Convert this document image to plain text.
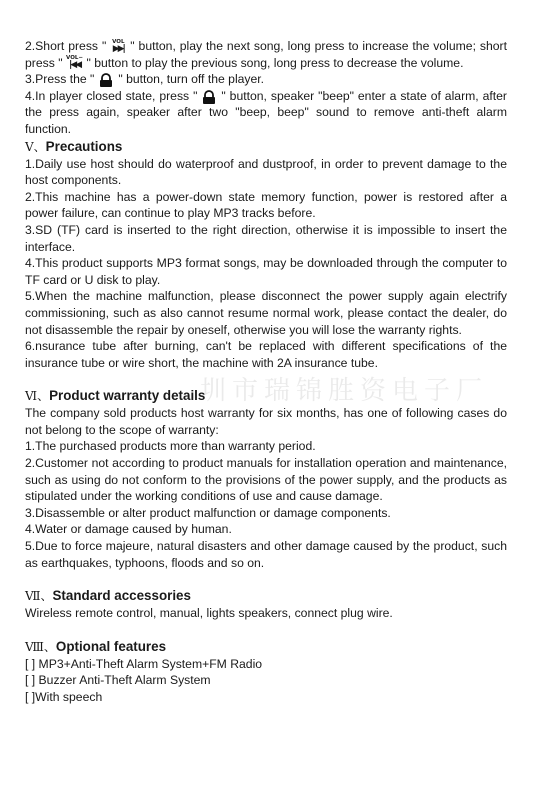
圳市瑞锦胜资电子厂

2.Short press "	VOL
▶▶| " button, play the next song, long press to increase the volume; short press " VOL−
|◀◀ " button to play the previous song, long press to decrease the volume.

3.Press the " " button, turn off the player.

4.In player closed state, press " " button, speaker "beep" enter a state of alarm, after the press again, speaker after two "beep, beep" sound to remove anti-theft alarm function.

Ⅴ、Precautions

1.Daily use host should do waterproof and dustproof, in order to prevent damage to the host components.

2.This machine has a power-down state memory function, power is restored after a power failure, can continue to play MP3 tracks before.

3.SD (TF) card is inserted to the right direction, otherwise it is impossible to insert the interface.

4.This product supports MP3 format songs, may be downloaded through the computer to TF card or U disk to play.

5.When the machine malfunction, please disconnect the power supply again electrify commissioning, such as also cannot resume normal work, please contact the dealer, do not disassemble the repair by oneself, otherwise you will lose the warranty rights.

6.nsurance tube after burning, can't be replaced with different specifications of the insurance tube or wire short, the machine with 2A insurance tube.

Ⅵ、Product warranty details

The company sold products host warranty for six months, has one of following cases do not belong to the scope of warranty:

1.The purchased products more than warranty period.

2.Customer not according to product manuals for installation operation and maintenance, such as using do not conform to the provisions of the power supply, and the products as stipulated under the working conditions of use and cause damage.

3.Disassemble or alter product malfunction or damage components.

4.Water or damage caused by human.

5.Due to force majeure, natural disasters and other damage caused by the product, such as earthquakes, typhoons, floods and so on.

Ⅶ、Standard accessories

Wireless remote control, manual, lights speakers, connect plug wire.

Ⅷ、Optional features
[ ] MP3+Anti-Theft Alarm System+FM Radio
[ ] Buzzer Anti-Theft Alarm System
[ ]With speech
